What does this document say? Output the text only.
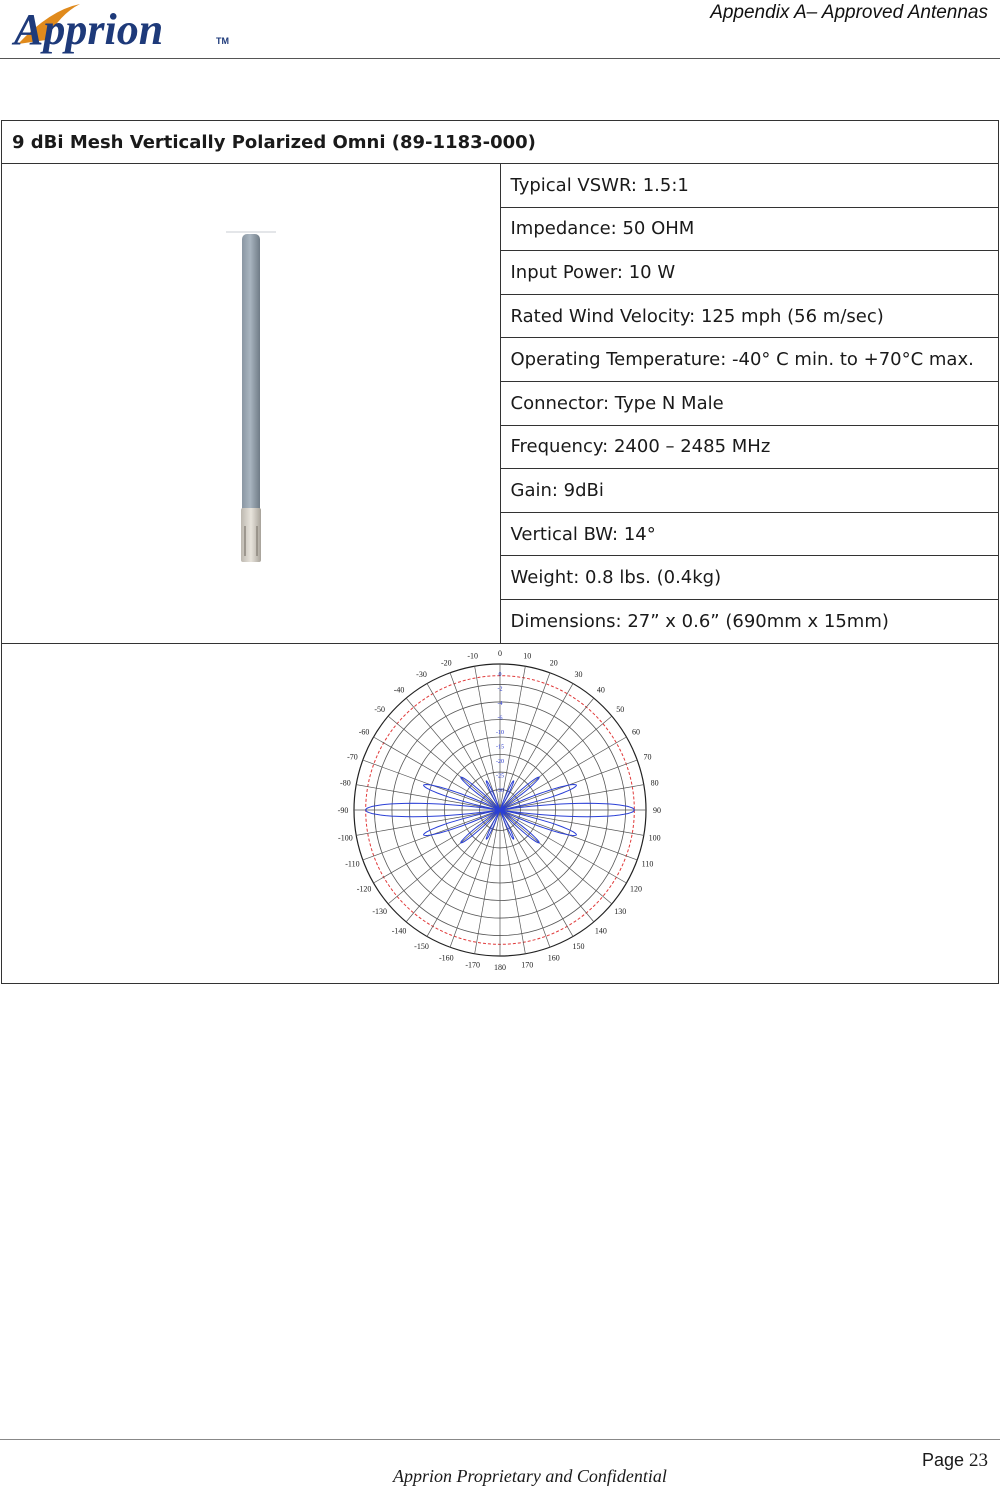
Apprion	TM
Appendix A– Approved Antennas
9 dBi Mesh Vertically Polarized Omni (89-1183-000)
	Typical VSWR: 1.5:1
Impedance: 50 OHM
Input Power: 10 W
Rated Wind Velocity: 125 mph (56 m/sec)
Operating Temperature: -40° C min. to +70°C max.
Connector: Type N Male
Frequency: 2400 – 2485 MHz
Gain: 9dBi
Vertical BW: 14°
Weight: 0.8 lbs. (0.4kg)
Dimensions: 27” x 0.6” (690mm x 15mm)

0	10
20
30
40
50
60
70
80
90
100
110
120
130
140
150
160
170
180
-170
-160
-150
-140
-130
-120
-110
-100
-90
-80
-70
-60
-50
-40
-30
-20
-10
0
-2
-4
-6
-10
-15
-20
-25
-30
Page 23
Apprion Proprietary and Confidential
